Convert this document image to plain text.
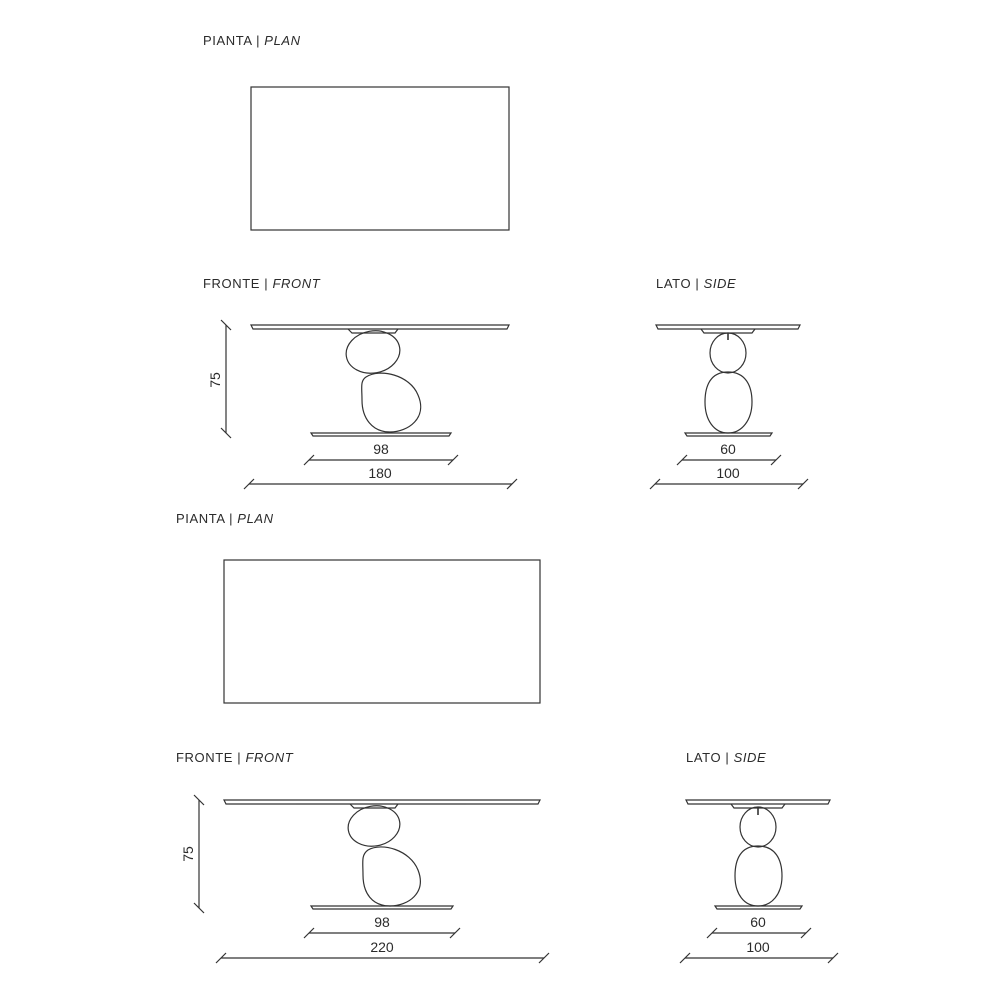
PIANTA | PLAN
FRONTE | FRONT	LATO | SIDE
PIANTA | PLAN
FRONTE | FRONT	LATO | SIDE
75
98
180
60
100
75
98
220
60
100
